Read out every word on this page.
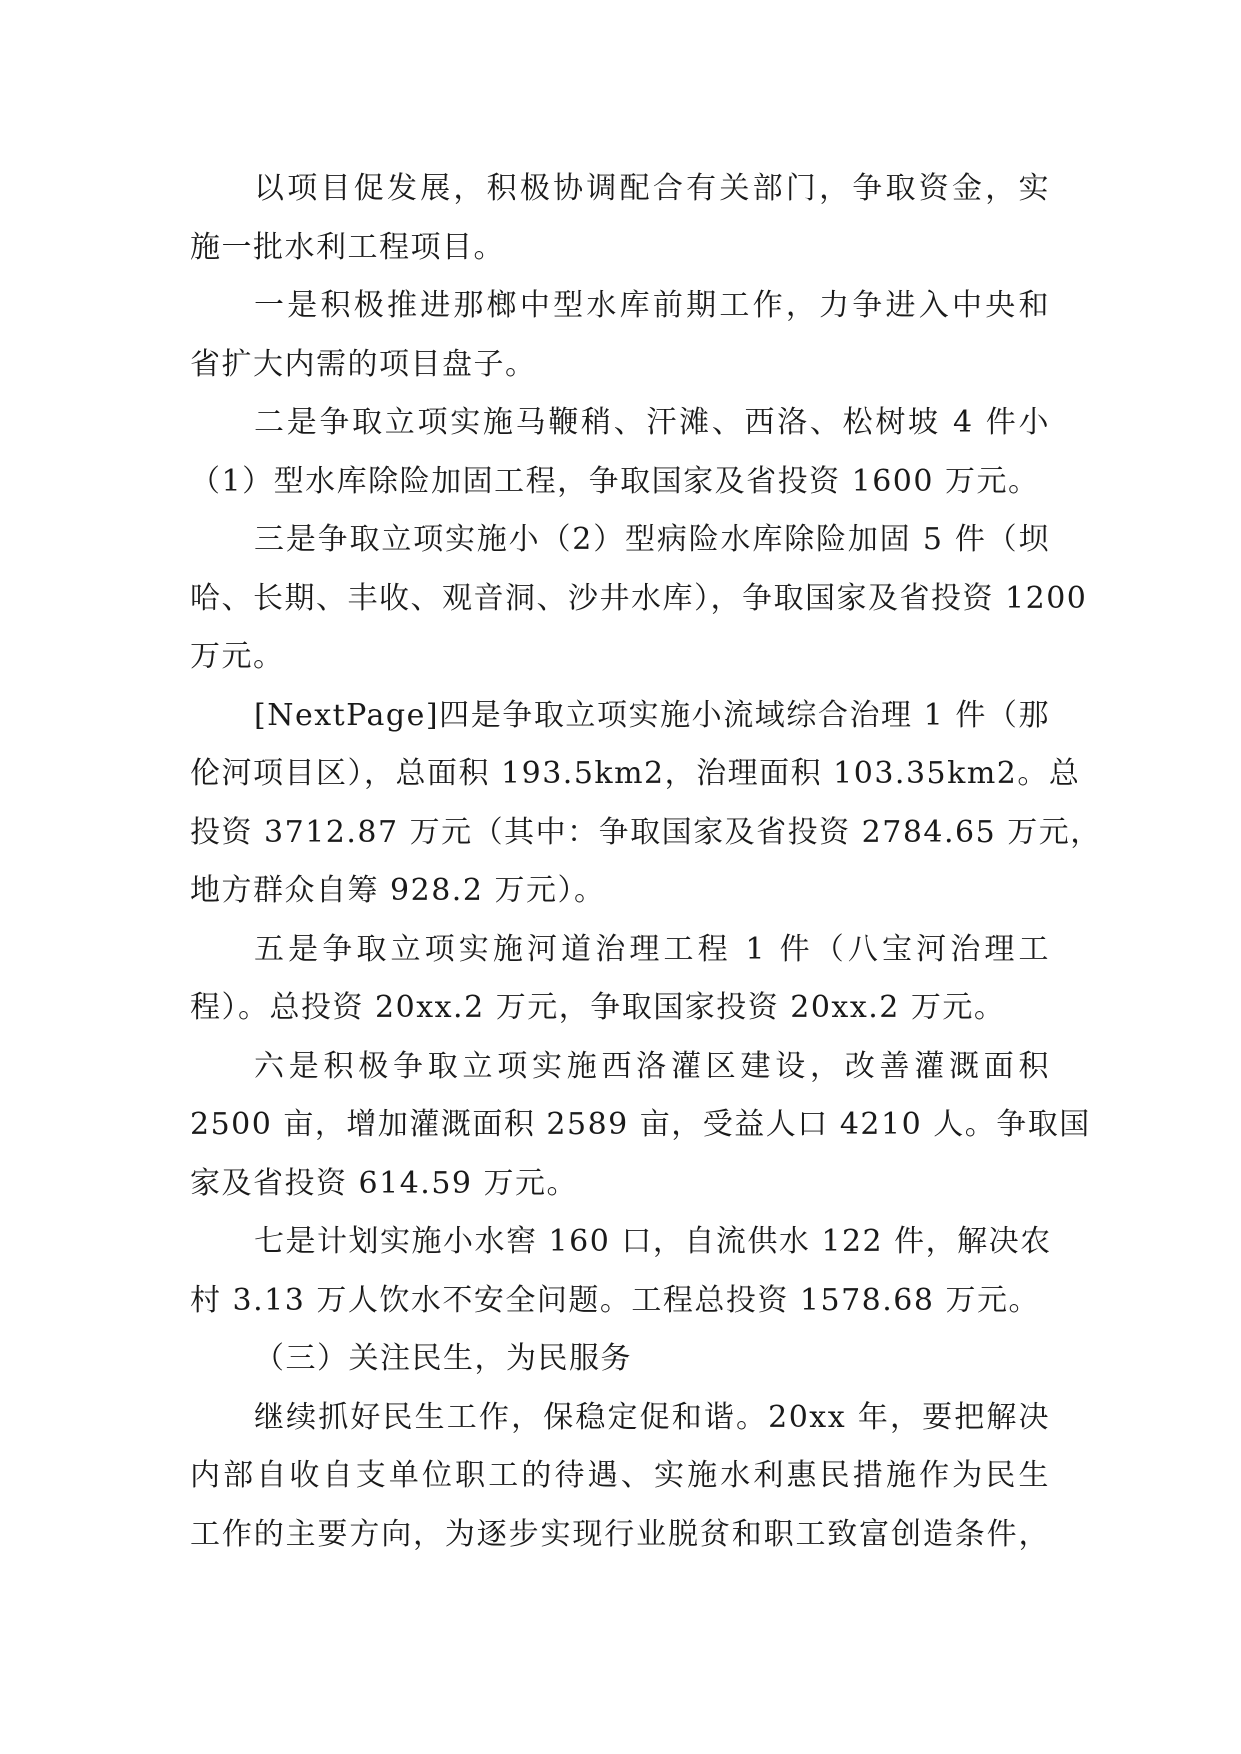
以项目促发展，积极协调配合有关部门，争取资金，实
施一批水利工程项目。

一是积极推进那榔中型水库前期工作，力争进入中央和
省扩大内需的项目盘子。

二是争取立项实施马鞭稍、汗滩、西洛、松树坡 4 件小
（1）型水库除险加固工程，争取国家及省投资 1600 万元。

三是争取立项实施小（2）型病险水库除险加固 5 件（坝
哈、长期、丰收、观音洞、沙井水库），争取国家及省投资 1200
万元。

[NextPage]四是争取立项实施小流域综合治理 1 件（那
伦河项目区），总面积 193.5km2，治理面积 103.35km2。总
投资 3712.87 万元（其中：争取国家及省投资 2784.65 万元，
地方群众自筹 928.2 万元）。

五是争取立项实施河道治理工程 1 件（八宝河治理工
程）。总投资 20xx.2 万元，争取国家投资 20xx.2 万元。

六是积极争取立项实施西洛灌区建设，改善灌溉面积
2500 亩，增加灌溉面积 2589 亩，受益人口 4210 人。争取国
家及省投资 614.59 万元。

七是计划实施小水窖 160 口，自流供水 122 件，解决农
村 3.13 万人饮水不安全问题。工程总投资 1578.68 万元。

（三）关注民生，为民服务

继续抓好民生工作，保稳定促和谐。20xx 年，要把解决
内部自收自支单位职工的待遇、实施水利惠民措施作为民生
工作的主要方向，为逐步实现行业脱贫和职工致富创造条件，
